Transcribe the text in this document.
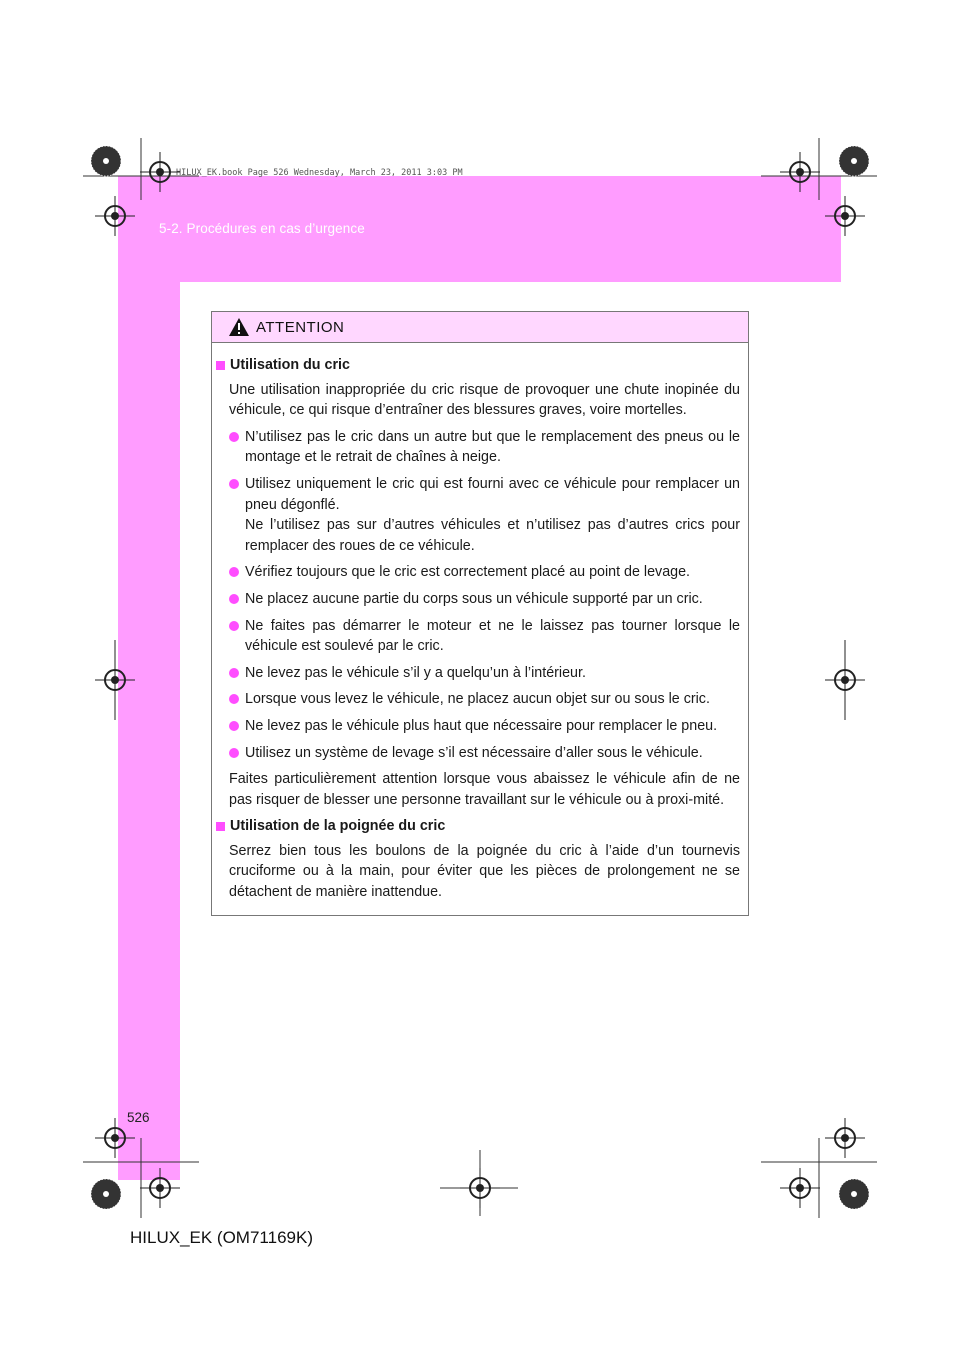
HILUX_EK.book Page 526 Wednesday, March 23, 2011 3:03 PM
5-2. Procédures en cas d’urgence
ATTENTION
Utilisation du cric
Une utilisation inappropriée du cric risque de provoquer une chute inopinée du véhicule, ce qui risque d’entraîner des blessures graves, voire mortelles.
N’utilisez pas le cric dans un autre but que le remplacement des pneus ou le montage et le retrait de chaînes à neige.
Utilisez uniquement le cric qui est fourni avec ce véhicule pour remplacer un pneu dégonflé.
Ne l’utilisez pas sur d’autres véhicules et n’utilisez pas d’autres crics pour remplacer des roues de ce véhicule.
Vérifiez toujours que le cric est correctement placé au point de levage.
Ne placez aucune partie du corps sous un véhicule supporté par un cric.
Ne faites pas démarrer le moteur et ne le laissez pas tourner lorsque le véhicule est soulevé par le cric.
Ne levez pas le véhicule s’il y a quelqu’un à l’intérieur.
Lorsque vous levez le véhicule, ne placez aucun objet sur ou sous le cric.
Ne levez pas le véhicule plus haut que nécessaire pour remplacer le pneu.
Utilisez un système de levage s’il est nécessaire d’aller sous le véhicule.
Faites particulièrement attention lorsque vous abaissez le véhicule afin de ne pas risquer de blesser une personne travaillant sur le véhicule ou à proxi-mité.
Utilisation de la poignée du cric
Serrez bien tous les boulons de la poignée du cric à l’aide d’un tournevis cruciforme ou à la main, pour éviter que les pièces de prolongement ne se détachent de manière inattendue.
526
HILUX_EK (OM71169K)
